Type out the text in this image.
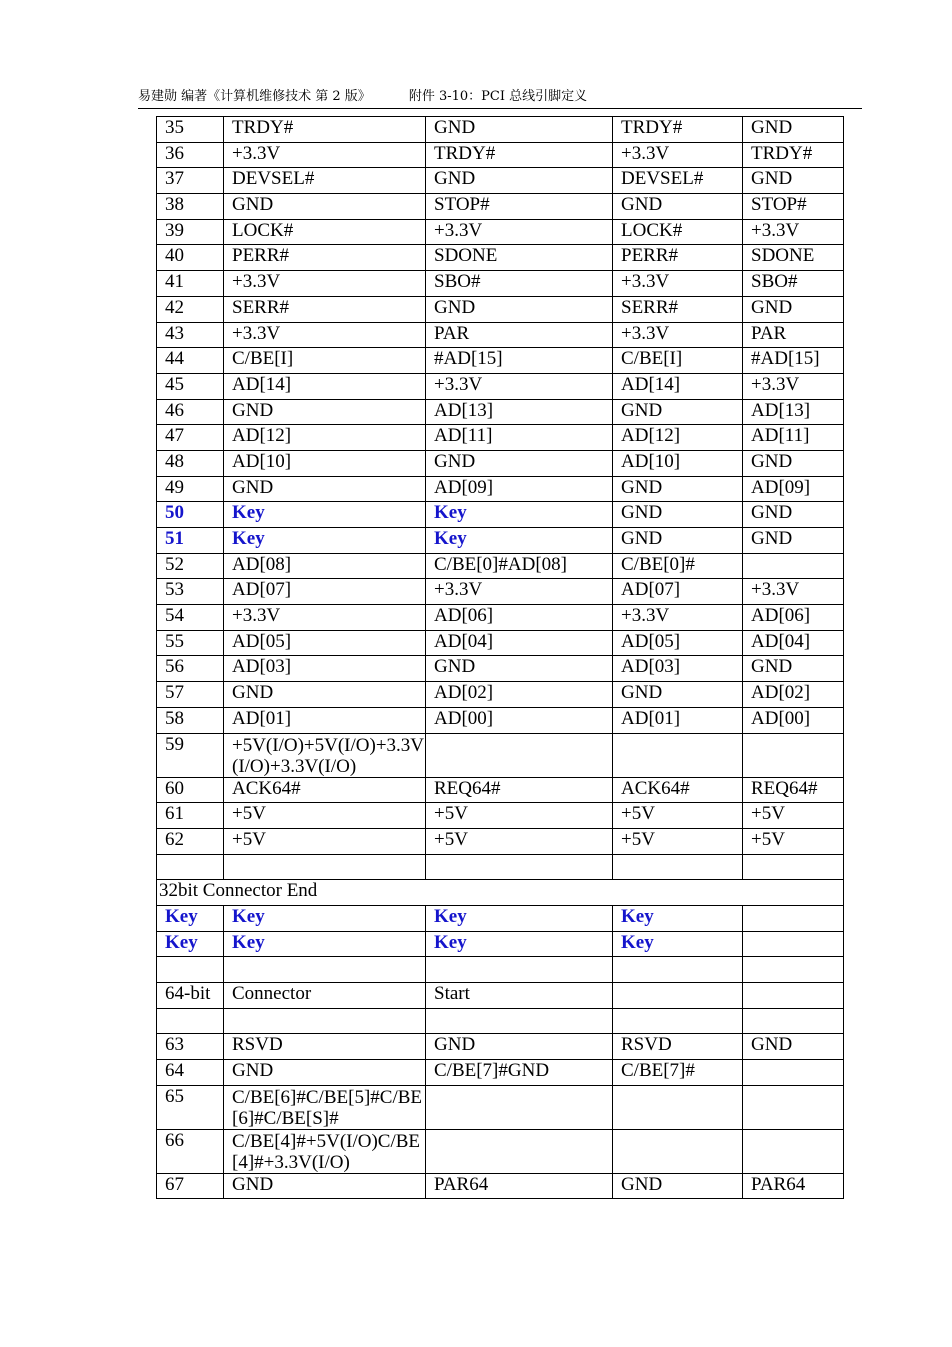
易建勋 编著《计算机维修技术 第 2 版》	附件 3-10：PCI 总线引脚定义
35	TRDY#	GND	TRDY#	GND
36	+3.3V	TRDY#	+3.3V	TRDY#
37	DEVSEL#	GND	DEVSEL#	GND
38	GND	STOP#	GND	STOP#
39	LOCK#	+3.3V	LOCK#	+3.3V
40	PERR#	SDONE	PERR#	SDONE
41	+3.3V	SBO#	+3.3V	SBO#
42	SERR#	GND	SERR#	GND
43	+3.3V	PAR	+3.3V	PAR
44	C/BE[I]	#AD[15]	C/BE[I]	#AD[15]
45	AD[14]	+3.3V	AD[14]	+3.3V
46	GND	AD[13]	GND	AD[13]
47	AD[12]	AD[11]	AD[12]	AD[11]
48	AD[10]	GND	AD[10]	GND
49	GND	AD[09]	GND	AD[09]
50	Key	Key	GND	GND
51	Key	Key	GND	GND
52	AD[08]	C/BE[0]#AD[08]	C/BE[0]#	
53	AD[07]	+3.3V	AD[07]	+3.3V
54	+3.3V	AD[06]	+3.3V	AD[06]
55	AD[05]	AD[04]	AD[05]	AD[04]
56	AD[03]	GND	AD[03]	GND
57	GND	AD[02]	GND	AD[02]
58	AD[01]	AD[00]	AD[01]	AD[00]
59	+5V(I/O)+5V(I/O)+3.3V(I/O)+3.3V(I/O)			
60	ACK64#	REQ64#	ACK64#	REQ64#
61	+5V	+5V	+5V	+5V
62	+5V	+5V	+5V	+5V

32bit Connector End				
Key	Key	Key	Key	
Key	Key	Key	Key	

64-bit	Connector	Start		

63	RSVD	GND	RSVD	GND
64	GND	C/BE[7]#GND	C/BE[7]#	
65	C/BE[6]#C/BE[5]#C/BE[6]#C/BE[S]#			
66	C/BE[4]#+5V(I/O)C/BE[4]#+3.3V(I/O)			
67	GND	PAR64	GND	PAR64
